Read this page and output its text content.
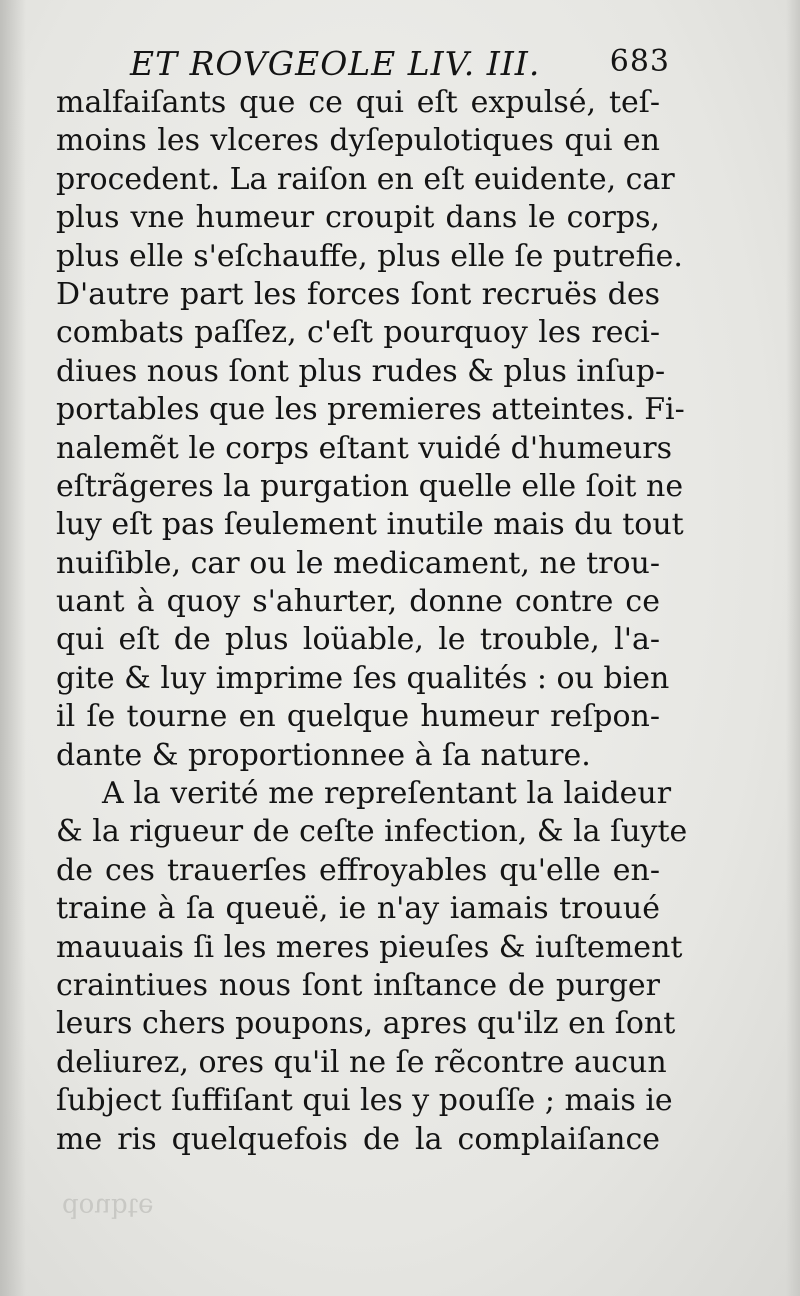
ET ROVGEOLE LIV. III. 683
malfaiſants que ce qui eſt expulsé, teſ-
moins les vlceres dyſepulotiques qui en
procedent. La raiſon en eſt euidente, car
plus vne humeur croupit dans le corps,
plus elle s'eſchauffe, plus elle ſe putrefie.
D'autre part les forces ſont recruës des
combats paſſez, c'eſt pourquoy les reci-
diues nous ſont plus rudes & plus inſup-
portables que les premieres atteintes. Fi-
nalemẽt le corps eſtant vuidé d'humeurs
eſtrãgeres la purgation quelle elle ſoit ne
luy eſt pas ſeulement inutile mais du tout
nuiſible, car ou le medicament, ne trou-
uant à quoy s'ahurter, donne contre ce
qui eſt de plus loüable, le trouble, l'a-
gite & luy imprime ſes qualités : ou bien
il ſe tourne en quelque humeur reſpon-
dante & proportionnee à ſa nature.
A la verité me repreſentant la laideur
& la rigueur de ceſte infection, & la ſuyte
de ces trauerſes effroyables qu'elle en-
traine à ſa queuë, ie n'ay iamais trouué
mauuais ſi les meres pieuſes & iuſtement
craintiues nous ſont inſtance de purger
leurs chers poupons, apres qu'ilz en ſont
deliurez, ores qu'il ne ſe rẽcontre aucun
ſubject ſuffiſant qui les y pouſſe ; mais ie
me ris quelquefois de la complaiſance
doubte
